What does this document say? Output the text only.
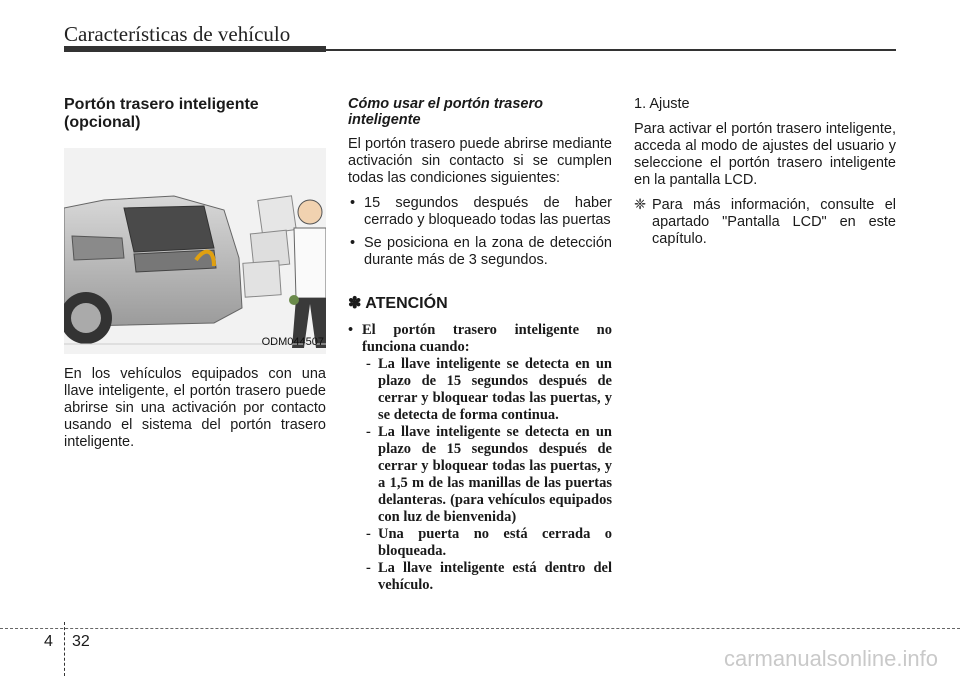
Características de vehículo
Portón trasero inteligente (opcional)
ODM044507

En los vehículos equipados con una llave inteligente, el portón trasero puede abrirse sin una activación por contacto usando el sistema del portón trasero inteligente.

Cómo usar el portón trasero inteligente

El portón trasero puede abrirse mediante activación sin contacto si se cumplen todas las condiciones siguientes:

• 15 segundos después de haber cerrado y bloqueado todas las puertas
• Se posiciona en la zona de detección durante más de 3 segundos.
✽ ATENCIÓN
• El portón trasero inteligente no funciona cuando:
- La llave inteligente se detecta en un plazo de 15 segundos después de cerrar y bloquear todas las puertas, y se detecta de forma continua.
- La llave inteligente se detecta en un plazo de 15 segundos después de cerrar y bloquear todas las puertas, y a 1,5 m de las manillas de las puertas delanteras. (para vehículos equipados con luz de bienvenida)
- Una puerta no está cerrada o bloqueada.
- La llave inteligente está dentro del vehículo.

1. Ajuste

Para activar el portón trasero inteligente, acceda al modo de ajustes del usuario y seleccione el portón trasero inteligente en la pantalla LCD.

❈ Para más información, consulte el apartado "Pantalla LCD" en este capítulo.
4 32
carmanualsonline.info
